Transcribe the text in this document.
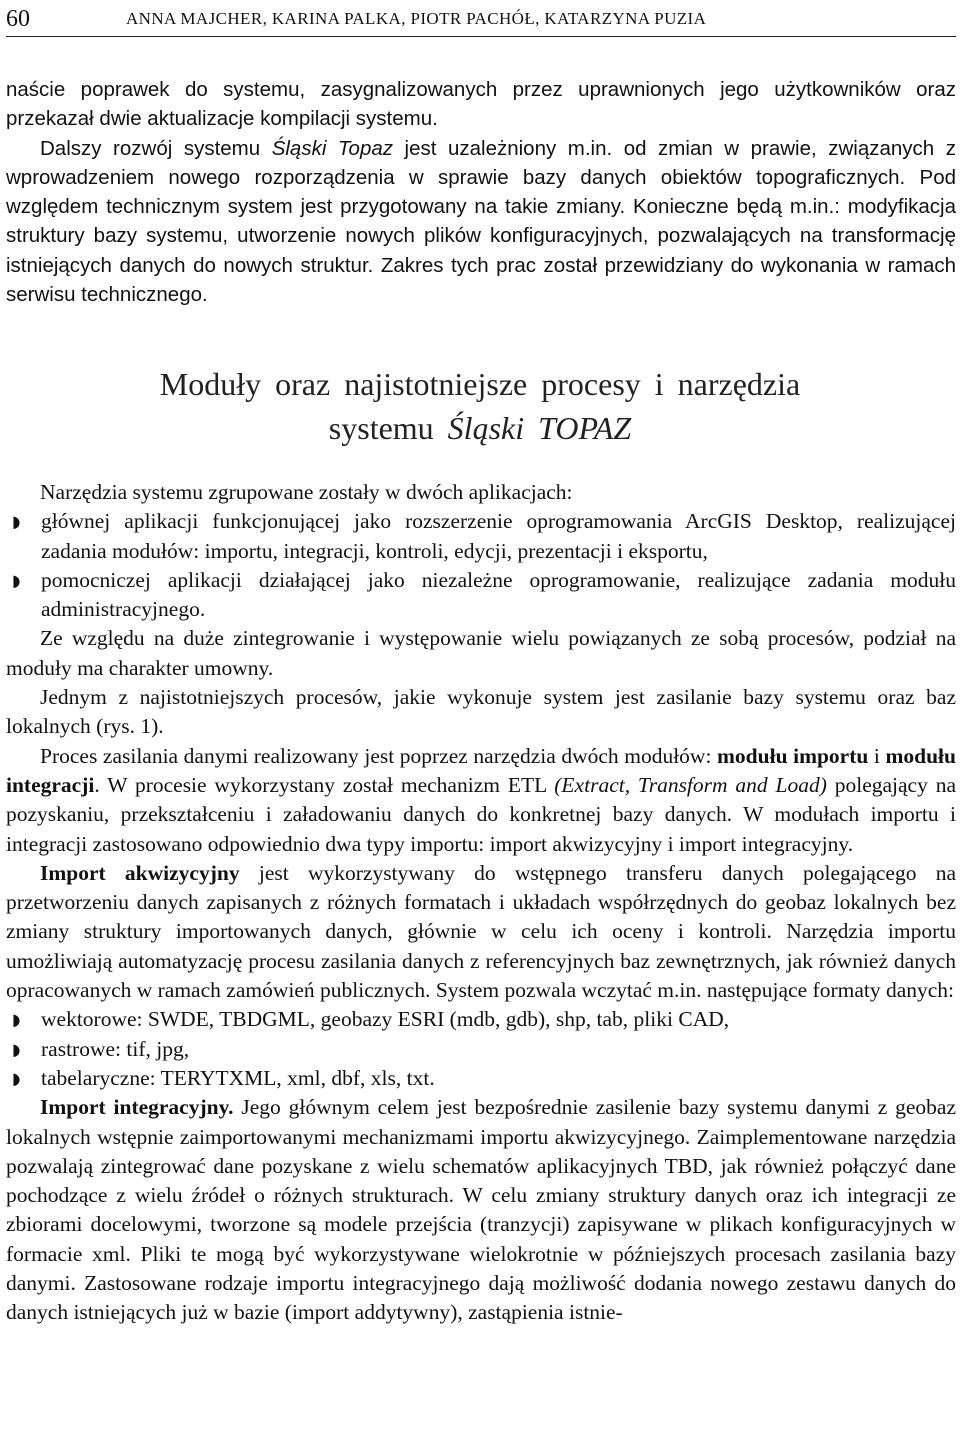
60	ANNA MAJCHER, KARINA PALKA, PIOTR PACHÓŁ, KATARZYNA PUZIA

naście poprawek do systemu, zasygnalizowanych przez uprawnionych jego użytkowników oraz przekazał dwie aktualizacje kompilacji systemu.

Dalszy rozwój systemu Śląski Topaz jest uzależniony m.in. od zmian w prawie, związanych z wprowadzeniem nowego rozporządzenia w sprawie bazy danych obiektów topograficznych. Pod względem technicznym system jest przygotowany na takie zmiany. Konieczne będą m.in.: modyfikacja struktury bazy systemu, utworzenie nowych plików konfiguracyjnych, pozwalających na transformację istniejących danych do nowych struktur. Zakres tych prac został przewidziany do wykonania w ramach serwisu technicznego.

Moduły oraz najistotniejsze procesy i narzędzia
systemu Śląski TOPAZ

Narzędzia systemu zgrupowane zostały w dwóch aplikacjach:

◗ głównej aplikacji funkcjonującej jako rozszerzenie oprogramowania ArcGIS Desktop, realizującej zadania modułów: importu, integracji, kontroli, edycji, prezentacji i eksportu,
◗ pomocniczej aplikacji działającej jako niezależne oprogramowanie, realizujące zadania modułu administracyjnego.

Ze względu na duże zintegrowanie i występowanie wielu powiązanych ze sobą procesów, podział na moduły ma charakter umowny.

Jednym z najistotniejszych procesów, jakie wykonuje system jest zasilanie bazy systemu oraz baz lokalnych (rys. 1).

Proces zasilania danymi realizowany jest poprzez narzędzia dwóch modułów: modułu importu i modułu integracji. W procesie wykorzystany został mechanizm ETL (Extract, Transform and Load) polegający na pozyskaniu, przekształceniu i załadowaniu danych do konkretnej bazy danych. W modułach importu i integracji zastosowano odpowiednio dwa typy importu: import akwizycyjny i import integracyjny.

Import akwizycyjny jest wykorzystywany do wstępnego transferu danych polegającego na przetworzeniu danych zapisanych z różnych formatach i układach współrzędnych do geobaz lokalnych bez zmiany struktury importowanych danych, głównie w celu ich oceny i kontroli. Narzędzia importu umożliwiają automatyzację procesu zasilania danych z referencyjnych baz zewnętrznych, jak również danych opracowanych w ramach zamówień publicznych. System pozwala wczytać m.in. następujące formaty danych:

◗ wektorowe: SWDE, TBDGML, geobazy ESRI (mdb, gdb), shp, tab, pliki CAD,
◗ rastrowe: tif, jpg,
◗ tabelaryczne: TERYTXML, xml, dbf, xls, txt.

Import integracyjny. Jego głównym celem jest bezpośrednie zasilenie bazy systemu danymi z geobaz lokalnych wstępnie zaimportowanymi mechanizmami importu akwizycyjnego. Zaimplementowane narzędzia pozwalają zintegrować dane pozyskane z wielu schematów aplikacyjnych TBD, jak również połączyć dane pochodzące z wielu źródeł o różnych strukturach. W celu zmiany struktury danych oraz ich integracji ze zbiorami docelowymi, tworzone są modele przejścia (tranzycji) zapisywane w plikach konfiguracyjnych w formacie xml. Pliki te mogą być wykorzystywane wielokrotnie w późniejszych procesach zasilania bazy danymi. Zastosowane rodzaje importu integracyjnego dają możliwość dodania nowego zestawu danych do danych istniejących już w bazie (import addytywny), zastąpienia istnie-
